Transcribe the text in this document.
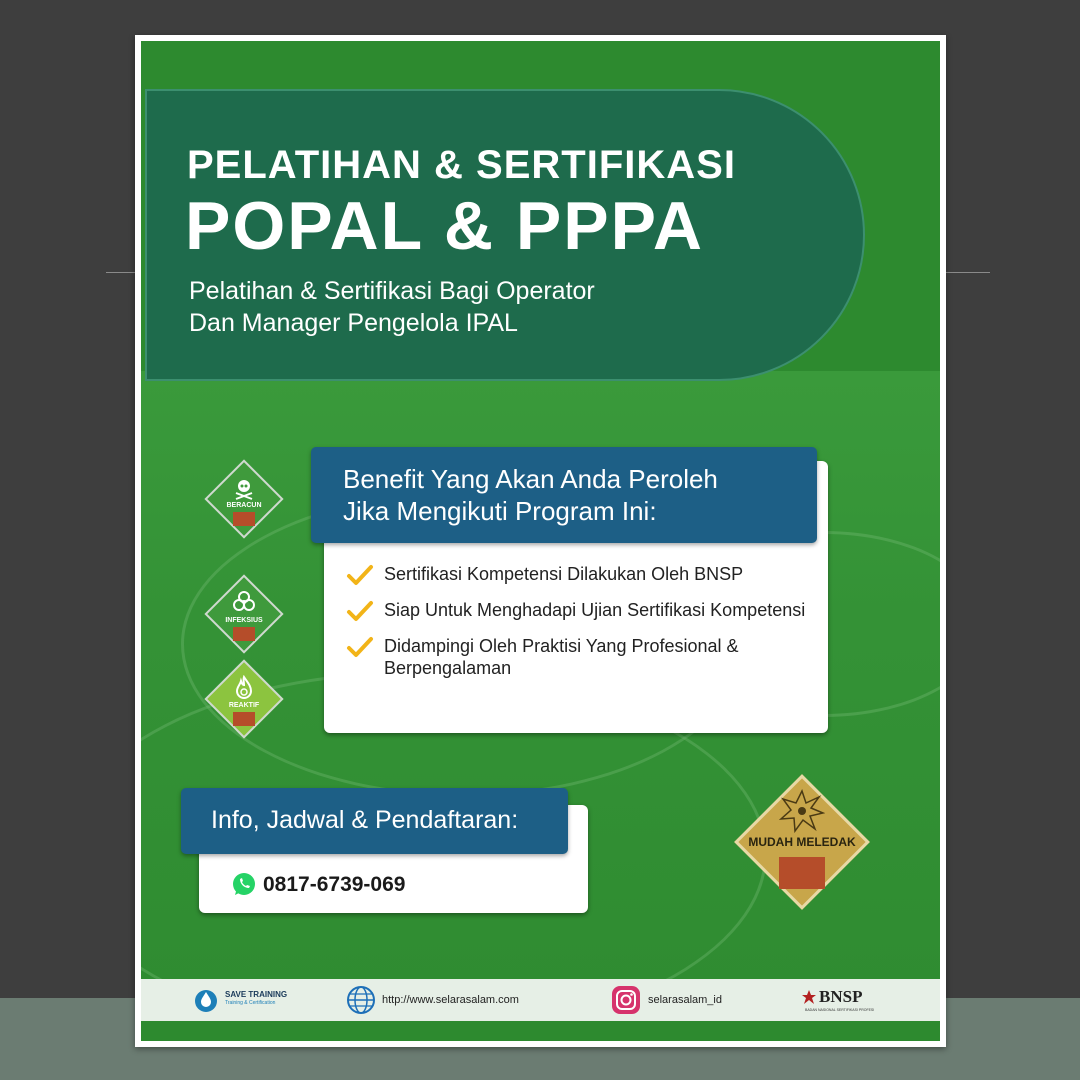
PELATIHAN & SERTIFIKASI
POPAL & PPPA
Pelatihan & Sertifikasi Bagi Operator
Dan Manager Pengelola IPAL
BERACUN
INFEKSIUS
REAKTIF
MUDAH MELEDAK
Benefit Yang Akan Anda Peroleh
Jika Mengikuti Program Ini:
Sertifikasi Kompetensi Dilakukan Oleh BNSP
Siap Untuk Menghadapi Ujian Sertifikasi Kompetensi
Didampingi Oleh Praktisi Yang Profesional & Berpengalaman
Info, Jadwal & Pendaftaran:
0817-6739-069
SAVE TRAINING
Training & Certification	http://www.selarasalam.com	selarasalam_id	BNSP
BADAN NASIONAL SERTIFIKASI PROFESI
